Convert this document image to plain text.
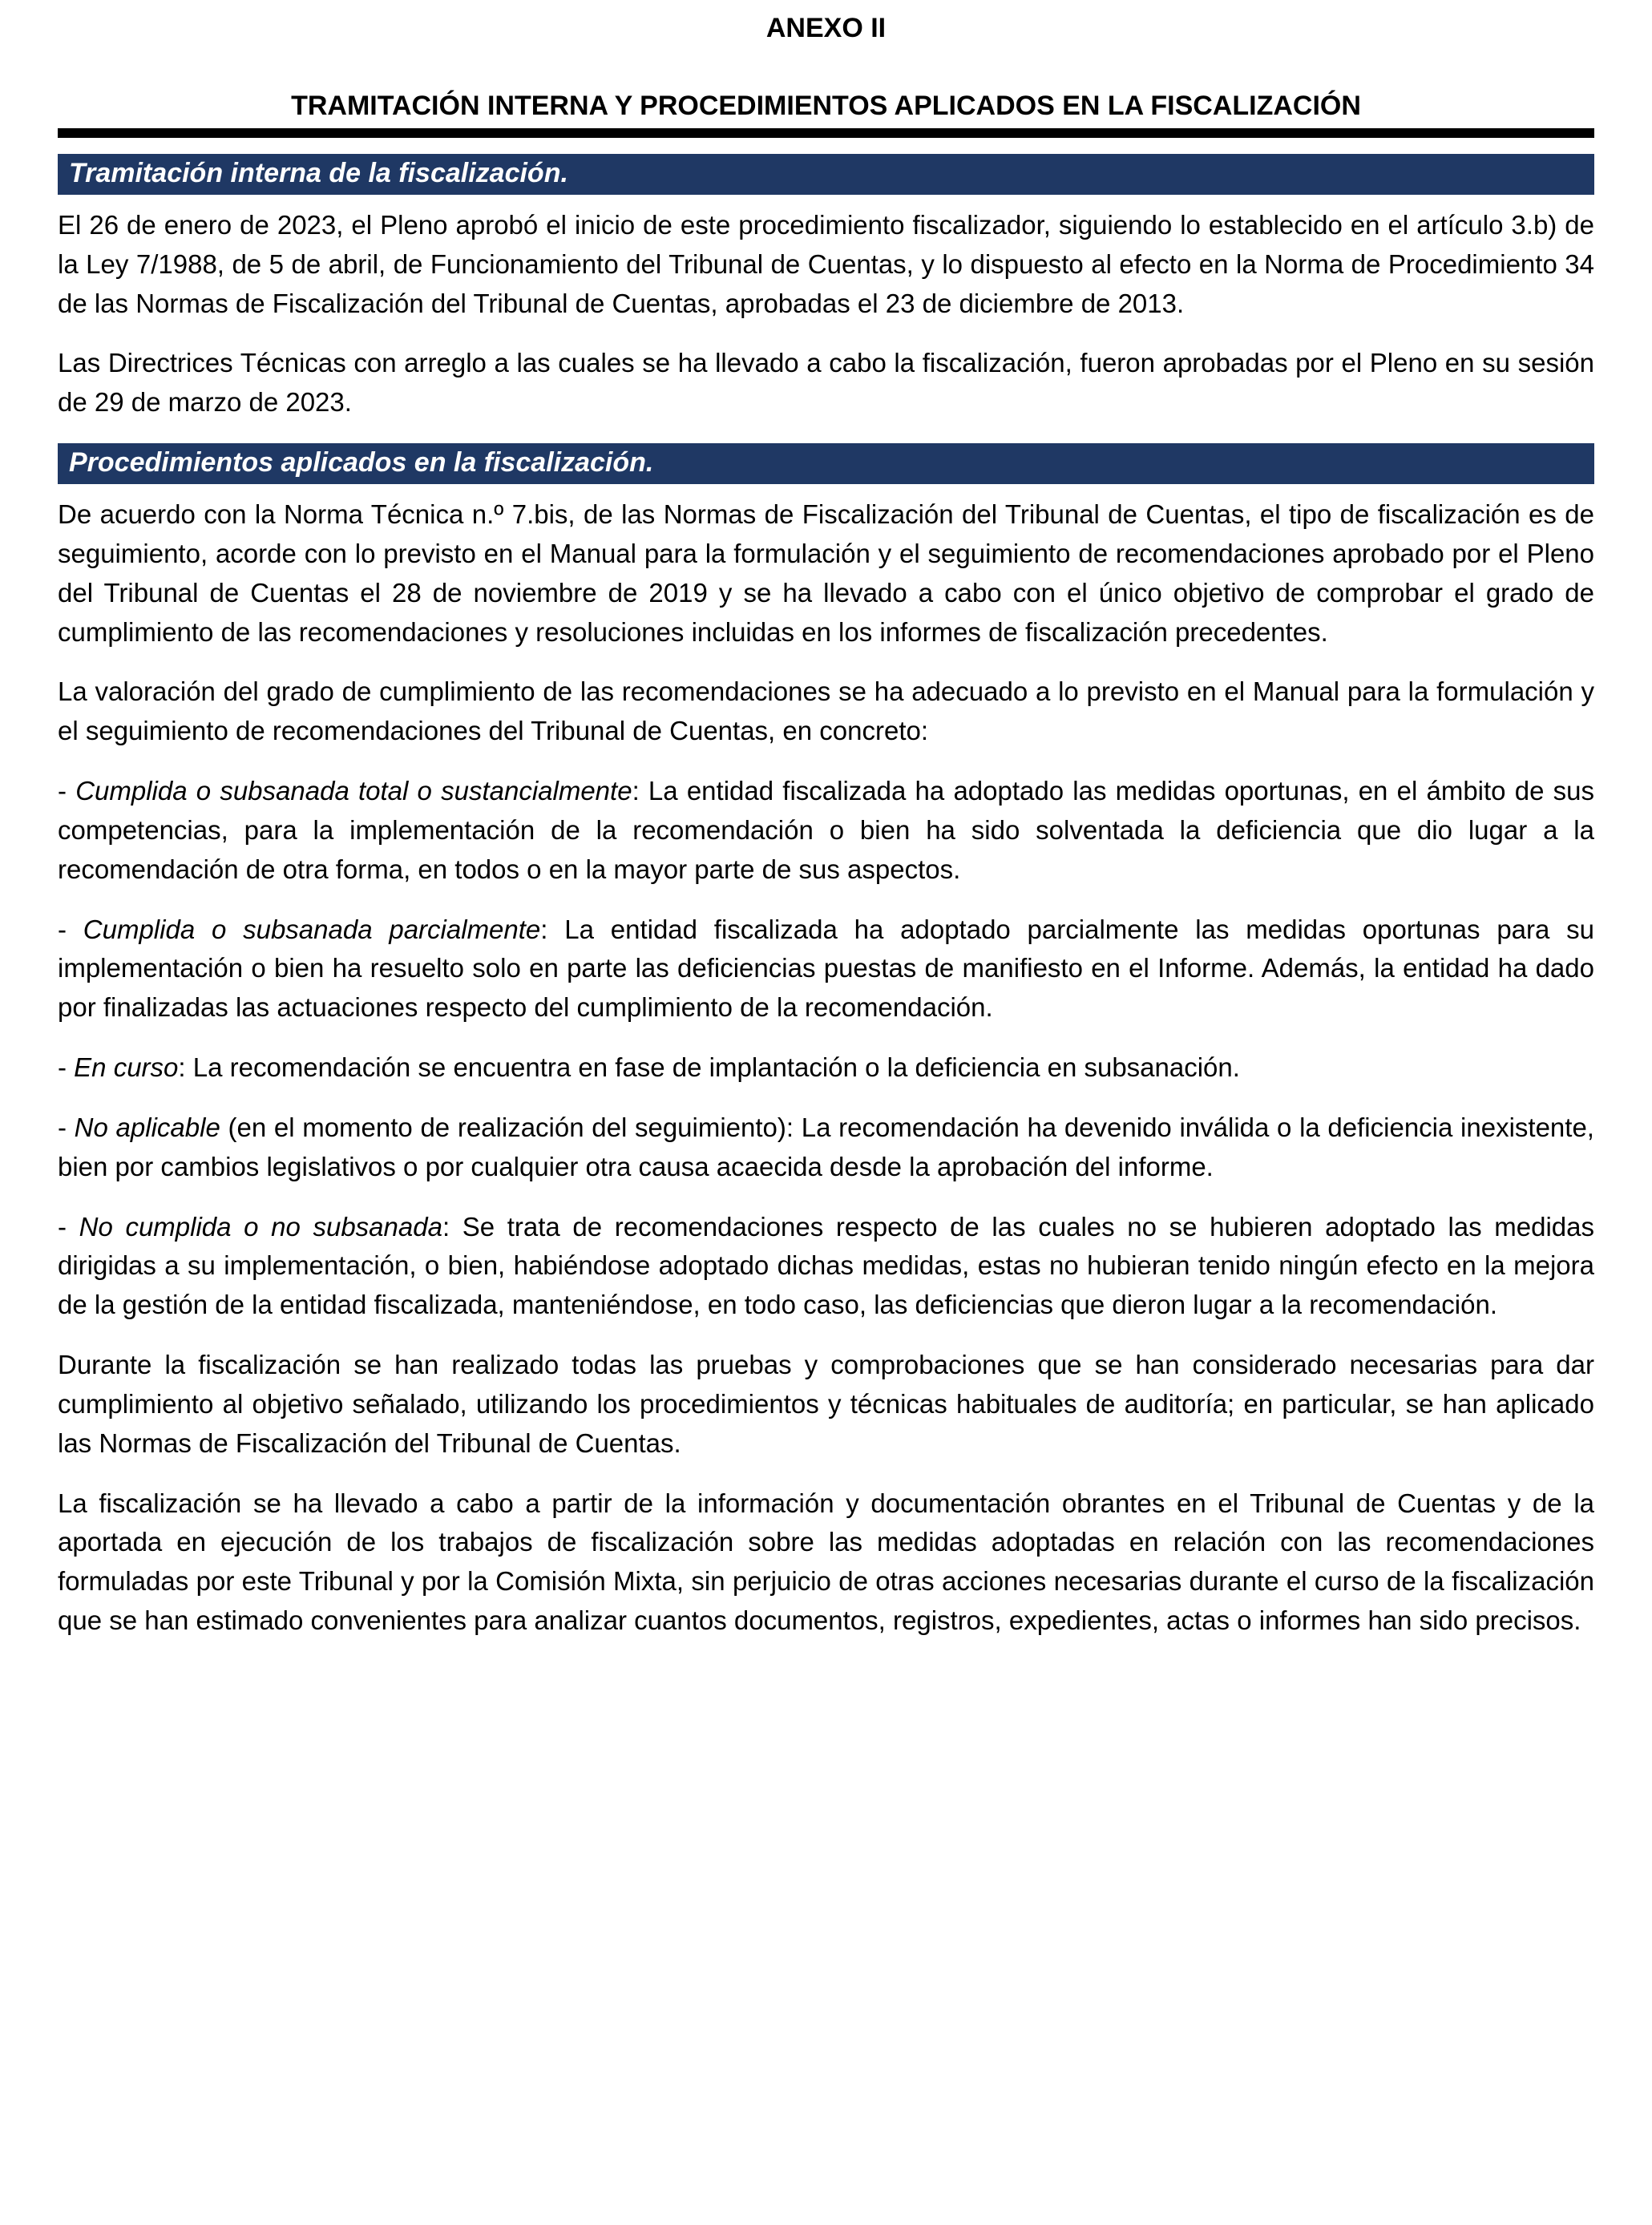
ANEXO II
TRAMITACIÓN INTERNA Y PROCEDIMIENTOS APLICADOS EN LA FISCALIZACIÓN
Tramitación interna de la fiscalización.

El 26 de enero de 2023, el Pleno aprobó el inicio de este procedimiento fiscalizador, siguiendo lo establecido en el artículo 3.b) de la Ley 7/1988, de 5 de abril, de Funcionamiento del Tribunal de Cuentas, y lo dispuesto al efecto en la Norma de Procedimiento 34 de las Normas de Fiscalización del Tribunal de Cuentas, aprobadas el 23 de diciembre de 2013.

Las Directrices Técnicas con arreglo a las cuales se ha llevado a cabo la fiscalización, fueron aprobadas por el Pleno en su sesión de 29 de marzo de 2023.

Procedimientos aplicados en la fiscalización.

De acuerdo con la Norma Técnica n.º 7.bis, de las Normas de Fiscalización del Tribunal de Cuentas, el tipo de fiscalización es de seguimiento, acorde con lo previsto en el Manual para la formulación y el seguimiento de recomendaciones aprobado por el Pleno del Tribunal de Cuentas el 28 de noviembre de 2019 y se ha llevado a cabo con el único objetivo de comprobar el grado de cumplimiento de las recomendaciones y resoluciones incluidas en los informes de fiscalización precedentes.

La valoración del grado de cumplimiento de las recomendaciones se ha adecuado a lo previsto en el Manual para la formulación y el seguimiento de recomendaciones del Tribunal de Cuentas, en concreto:

- Cumplida o subsanada total o sustancialmente: La entidad fiscalizada ha adoptado las medidas oportunas, en el ámbito de sus competencias, para la implementación de la recomendación o bien ha sido solventada la deficiencia que dio lugar a la recomendación de otra forma, en todos o en la mayor parte de sus aspectos.

- Cumplida o subsanada parcialmente: La entidad fiscalizada ha adoptado parcialmente las medidas oportunas para su implementación o bien ha resuelto solo en parte las deficiencias puestas de manifiesto en el Informe. Además, la entidad ha dado por finalizadas las actuaciones respecto del cumplimiento de la recomendación.

- En curso: La recomendación se encuentra en fase de implantación o la deficiencia en subsanación.

- No aplicable (en el momento de realización del seguimiento): La recomendación ha devenido inválida o la deficiencia inexistente, bien por cambios legislativos o por cualquier otra causa acaecida desde la aprobación del informe.

- No cumplida o no subsanada: Se trata de recomendaciones respecto de las cuales no se hubieren adoptado las medidas dirigidas a su implementación, o bien, habiéndose adoptado dichas medidas, estas no hubieran tenido ningún efecto en la mejora de la gestión de la entidad fiscalizada, manteniéndose, en todo caso, las deficiencias que dieron lugar a la recomendación.

Durante la fiscalización se han realizado todas las pruebas y comprobaciones que se han considerado necesarias para dar cumplimiento al objetivo señalado, utilizando los procedimientos y técnicas habituales de auditoría; en particular, se han aplicado las Normas de Fiscalización del Tribunal de Cuentas.

La fiscalización se ha llevado a cabo a partir de la información y documentación obrantes en el Tribunal de Cuentas y de la aportada en ejecución de los trabajos de fiscalización sobre las medidas adoptadas en relación con las recomendaciones formuladas por este Tribunal y por la Comisión Mixta, sin perjuicio de otras acciones necesarias durante el curso de la fiscalización que se han estimado convenientes para analizar cuantos documentos, registros, expedientes, actas o informes han sido precisos.
